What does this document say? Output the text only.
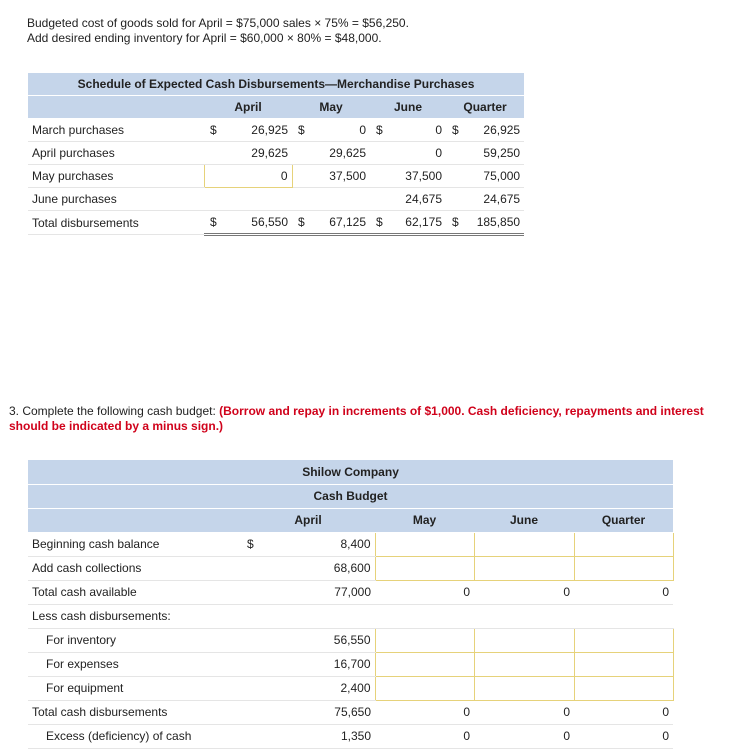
Budgeted cost of goods sold for April = $75,000 sales × 75% = $56,250.
Add desired ending inventory for April = $60,000 × 80% = $48,000.
Schedule of Expected Cash Disbursements—Merchandise Purchases								
	April		May		June		Quarter	
March purchases	$	26,925	$	0	$	0	$	26,925
April purchases		29,625		29,625		0		59,250
May purchases	0			37,500		37,500		75,000
June purchases						24,675		24,675
Total disbursements	$	56,550	$	67,125	$	62,175	$	185,850
3. Complete the following cash budget: (Borrow and repay in increments of $1,000. Cash deficiency, repayments and interest should be indicated by a minus sign.)
Shilow Company					
Cash Budget					
	April		May	June	Quarter
Beginning cash balance	$	8,400			
Add cash collections		68,600			
Total cash available		77,000	0	0	0
Less cash disbursements:					
For inventory		56,550			
For expenses		16,700			
For equipment		2,400			
Total cash disbursements		75,650	0	0	0
Excess (deficiency) of cash		1,350	0	0	0
